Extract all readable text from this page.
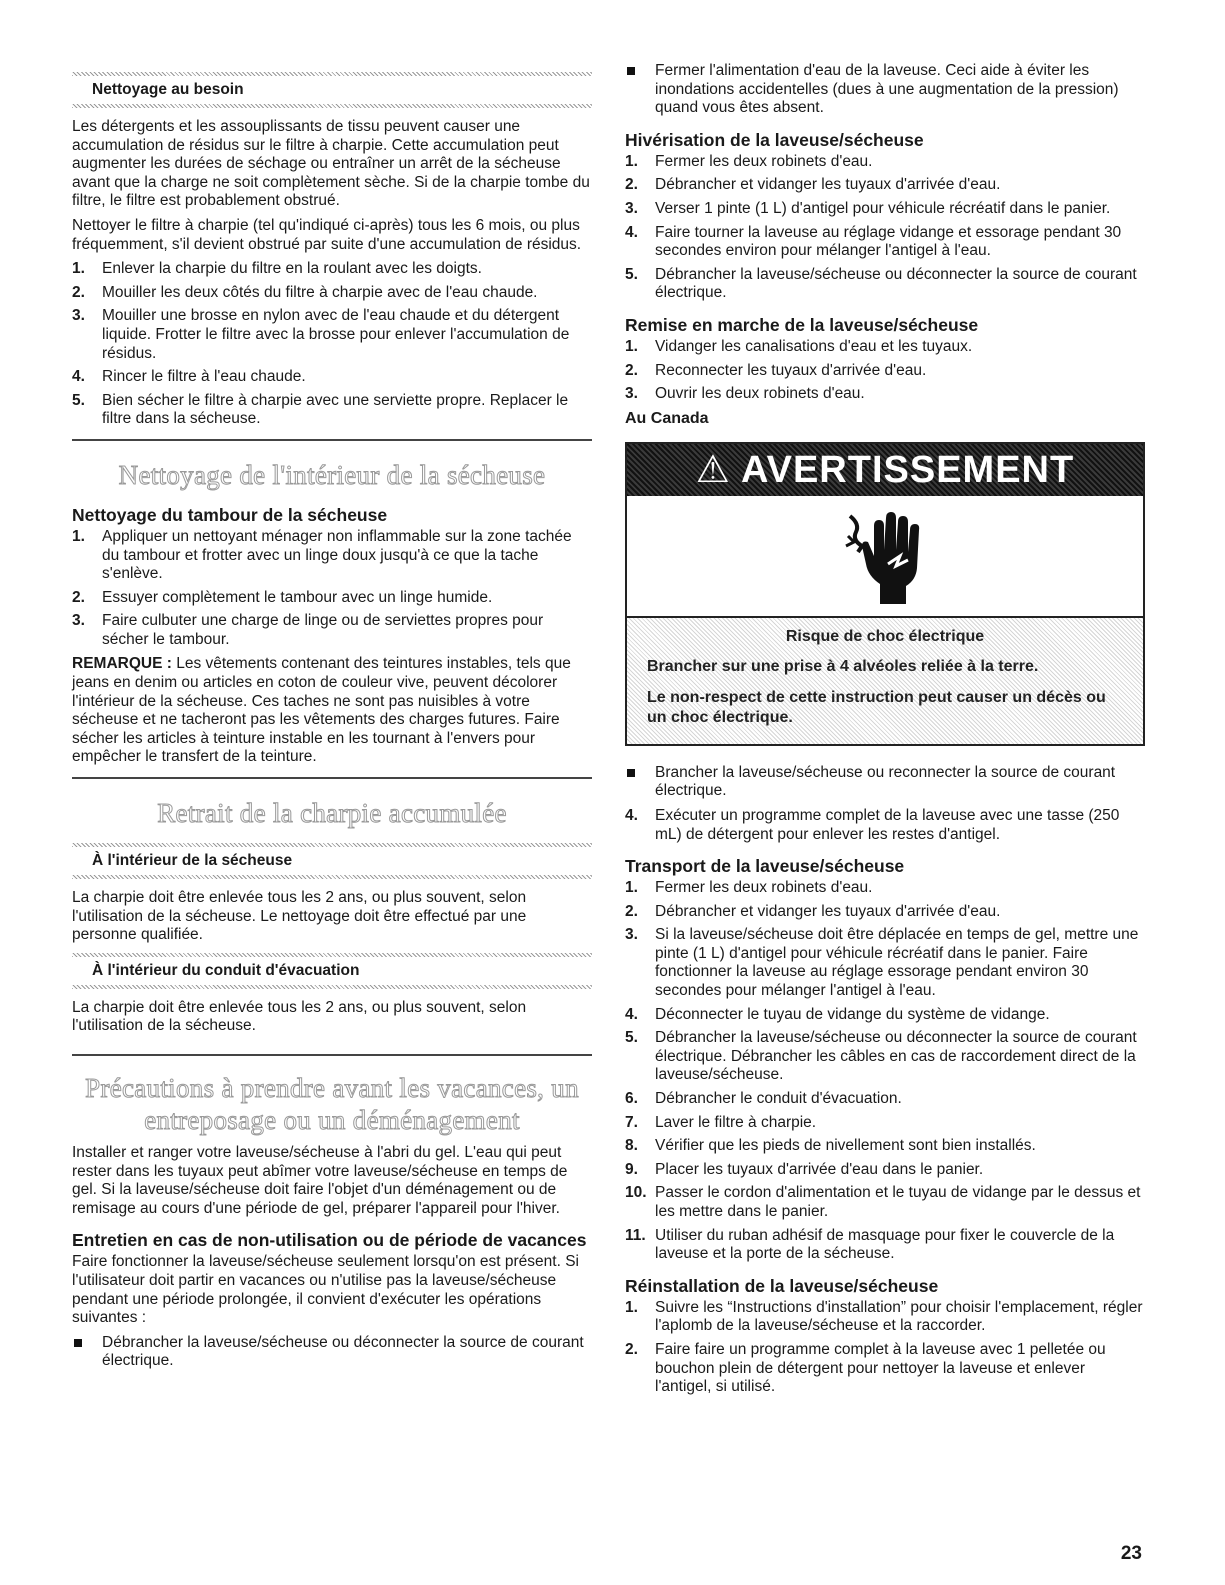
Nettoyage au besoin

Les détergents et les assouplissants de tissu peuvent causer une accumulation de résidus sur le filtre à charpie. Cette accumulation peut augmenter les durées de séchage ou entraîner un arrêt de la sécheuse avant que la charge ne soit complètement sèche. Si de la charpie tombe du filtre, le filtre est probablement obstrué.

Nettoyer le filtre à charpie (tel qu'indiqué ci-après) tous les 6 mois, ou plus fréquemment, s'il devient obstrué par suite d'une accumulation de résidus.

1. Enlever la charpie du filtre en la roulant avec les doigts.
2. Mouiller les deux côtés du filtre à charpie avec de l'eau chaude.
3. Mouiller une brosse en nylon avec de l'eau chaude et du détergent liquide. Frotter le filtre avec la brosse pour enlever l'accumulation de résidus.
4. Rincer le filtre à l'eau chaude.
5. Bien sécher le filtre à charpie avec une serviette propre. Replacer le filtre dans la sécheuse.
Nettoyage de l'intérieur de la sécheuse
Nettoyage du tambour de la sécheuse
1. Appliquer un nettoyant ménager non inflammable sur la zone tachée du tambour et frotter avec un linge doux jusqu'à ce que la tache s'enlève.
2. Essuyer complètement le tambour avec un linge humide.
3. Faire culbuter une charge de linge ou de serviettes propres pour sécher le tambour.

REMARQUE : Les vêtements contenant des teintures instables, tels que jeans en denim ou articles en coton de couleur vive, peuvent décolorer l'intérieur de la sécheuse. Ces taches ne sont pas nuisibles à votre sécheuse et ne tacheront pas les vêtements des charges futures. Faire sécher les articles à teinture instable en les tournant à l'envers pour empêcher le transfert de la teinture.

Retrait de la charpie accumulée
À l'intérieur de la sécheuse

La charpie doit être enlevée tous les 2 ans, ou plus souvent, selon l'utilisation de la sécheuse. Le nettoyage doit être effectué par une personne qualifiée.

À l'intérieur du conduit d'évacuation

La charpie doit être enlevée tous les 2 ans, ou plus souvent, selon l'utilisation de la sécheuse.

Précautions à prendre avant les vacances, un entreposage ou un déménagement

Installer et ranger votre laveuse/sécheuse à l'abri du gel. L'eau qui peut rester dans les tuyaux peut abîmer votre laveuse/sécheuse en temps de gel. Si la laveuse/sécheuse doit faire l'objet d'un déménagement ou de remisage au cours d'une période de gel, préparer l'appareil pour l'hiver.

Entretien en cas de non-utilisation ou de période de vacances

Faire fonctionner la laveuse/sécheuse seulement lorsqu'on est présent. Si l'utilisateur doit partir en vacances ou n'utilise pas la laveuse/sécheuse pendant une période prolongée, il convient d'exécuter les opérations suivantes :

Débrancher la laveuse/sécheuse ou déconnecter la source de courant électrique.
Fermer l'alimentation d'eau de la laveuse. Ceci aide à éviter les inondations accidentelles (dues à une augmentation de la pression) quand vous êtes absent.
Hivérisation de la laveuse/sécheuse
1. Fermer les deux robinets d'eau.
2. Débrancher et vidanger les tuyaux d'arrivée d'eau.
3. Verser 1 pinte (1 L) d'antigel pour véhicule récréatif dans le panier.
4. Faire tourner la laveuse au réglage vidange et essorage pendant 30 secondes environ pour mélanger l'antigel à l'eau.
5. Débrancher la laveuse/sécheuse ou déconnecter la source de courant électrique.
Remise en marche de la laveuse/sécheuse
1. Vidanger les canalisations d'eau et les tuyaux.
2. Reconnecter les tuyaux d'arrivée d'eau.
3. Ouvrir les deux robinets d'eau.
Au Canada
⚠ AVERTISSEMENT
Risque de choc électrique
Brancher sur une prise à 4 alvéoles reliée à la terre.
Le non-respect de cette instruction peut causer un décès ou un choc électrique.
Brancher la laveuse/sécheuse ou reconnecter la source de courant électrique.
4. Exécuter un programme complet de la laveuse avec une tasse (250 mL) de détergent pour enlever les restes d'antigel.
Transport de la laveuse/sécheuse
1. Fermer les deux robinets d'eau.
2. Débrancher et vidanger les tuyaux d'arrivée d'eau.
3. Si la laveuse/sécheuse doit être déplacée en temps de gel, mettre une pinte (1 L) d'antigel pour véhicule récréatif dans le panier. Faire fonctionner la laveuse au réglage essorage pendant environ 30 secondes pour mélanger l'antigel à l'eau.
4. Déconnecter le tuyau de vidange du système de vidange.
5. Débrancher la laveuse/sécheuse ou déconnecter la source de courant électrique. Débrancher les câbles en cas de raccordement direct de la laveuse/sécheuse.
6. Débrancher le conduit d'évacuation.
7. Laver le filtre à charpie.
8. Vérifier que les pieds de nivellement sont bien installés.
9. Placer les tuyaux d'arrivée d'eau dans le panier.
10. Passer le cordon d'alimentation et le tuyau de vidange par le dessus et les mettre dans le panier.
11. Utiliser du ruban adhésif de masquage pour fixer le couvercle de la laveuse et la porte de la sécheuse.
Réinstallation de la laveuse/sécheuse
1. Suivre les “Instructions d'installation” pour choisir l'emplacement, régler l'aplomb de la laveuse/sécheuse et la raccorder.
2. Faire faire un programme complet à la laveuse avec 1 pelletée ou bouchon plein de détergent pour nettoyer la laveuse et enlever l'antigel, si utilisé.
23
